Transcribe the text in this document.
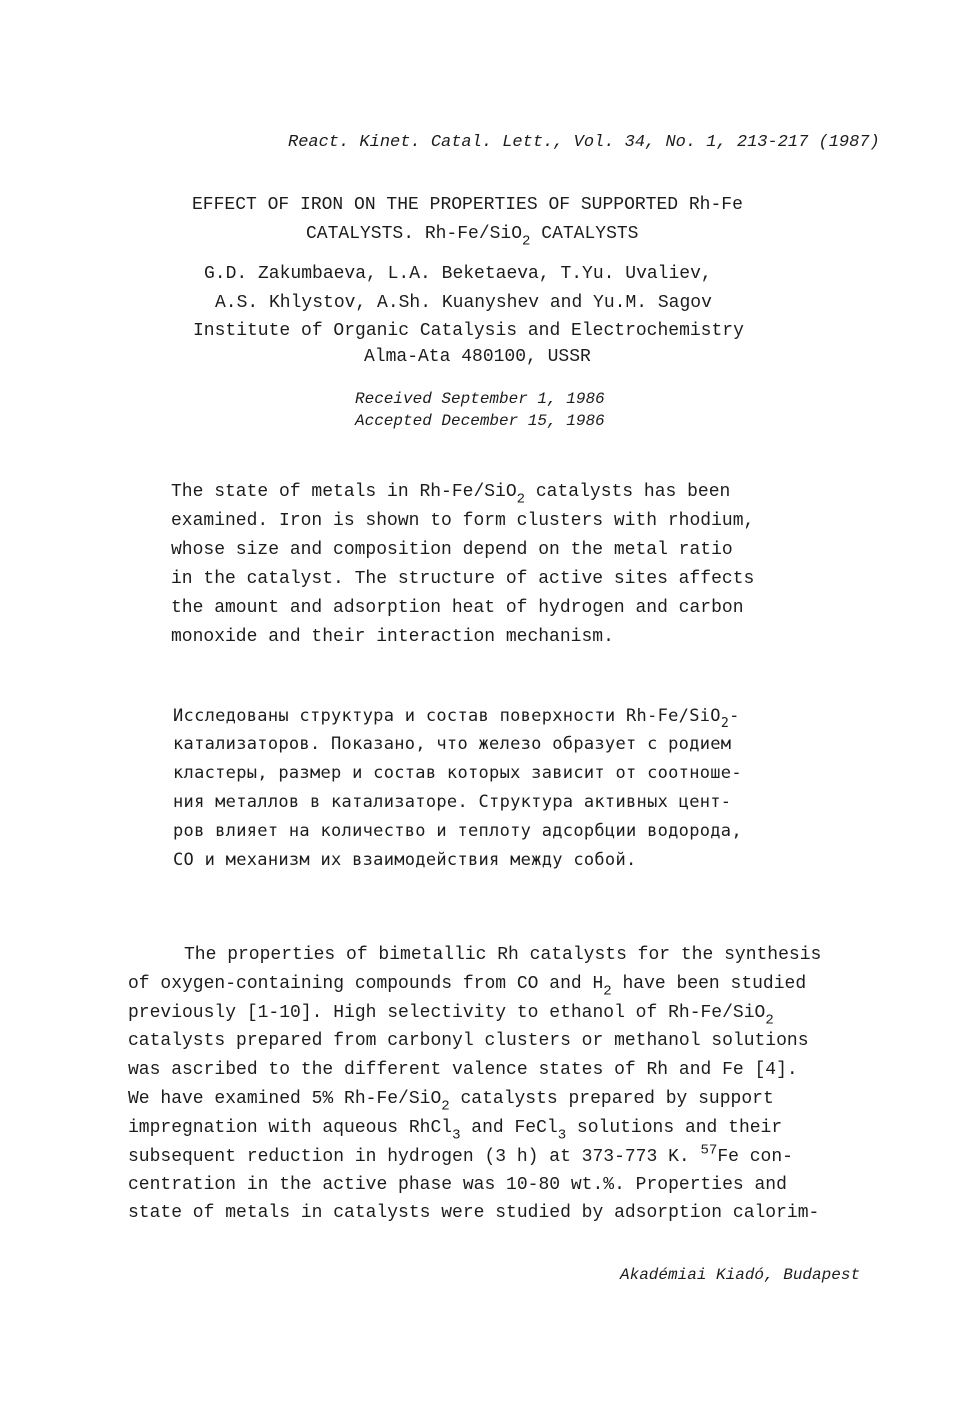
React. Kinet. Catal. Lett., Vol. 34, No. 1, 213-217 (1987)
EFFECT OF IRON ON THE PROPERTIES OF SUPPORTED Rh-Fe
CATALYSTS. Rh-Fe/SiO$_2$ CATALYSTS
G.D. Zakumbaeva, L.A. Beketaeva, T.Yu. Uvaliev,
A.S. Khlystov, A.Sh. Kuanyshev and Yu.M. Sagov
Institute of Organic Catalysis and Electrochemistry
Alma-Ata 480100, USSR
Received September 1, 1986
Accepted December 15, 1986
The state of metals in Rh-Fe/SiO$_2$ catalysts has been
examined. Iron is shown to form clusters with rhodium,
whose size and composition depend on the metal ratio
in the catalyst. The structure of active sites affects
the amount and adsorption heat of hydrogen and carbon
monoxide and their interaction mechanism.
Исследованы структура и состав поверхности Rh-Fe/SiO$_2$-
катализаторов. Показано, что железо образует с родием
кластеры, размер и состав которых зависит от соотноше-
ния металлов в катализаторе. Структура активных цент-
ров влияет на количество и теплоту адсорбции водорода,
СО и механизм их взаимодействия между собой.
The properties of bimetallic Rh catalysts for the synthesis
of oxygen-containing compounds from CO and $H_2$ have been studied
previously [1-10]. High selectivity to ethanol of Rh-Fe/SiO$_2$
catalysts prepared from carbonyl clusters or methanol solutions
was ascribed to the different valence states of Rh and Fe [4].
We have examined 5% Rh-Fe/SiO$_2$ catalysts prepared by support
impregnation with aqueous RhCl$_3$ and FeCl$_3$ solutions and their
subsequent reduction in hydrogen (3 h) at 373-773 K. $^{57}$Fe con-
centration in the active phase was 10-80 wt.%. Properties and
state of metals in catalysts were studied by adsorption calorim-
Akadémiai Kiadó, Budapest
